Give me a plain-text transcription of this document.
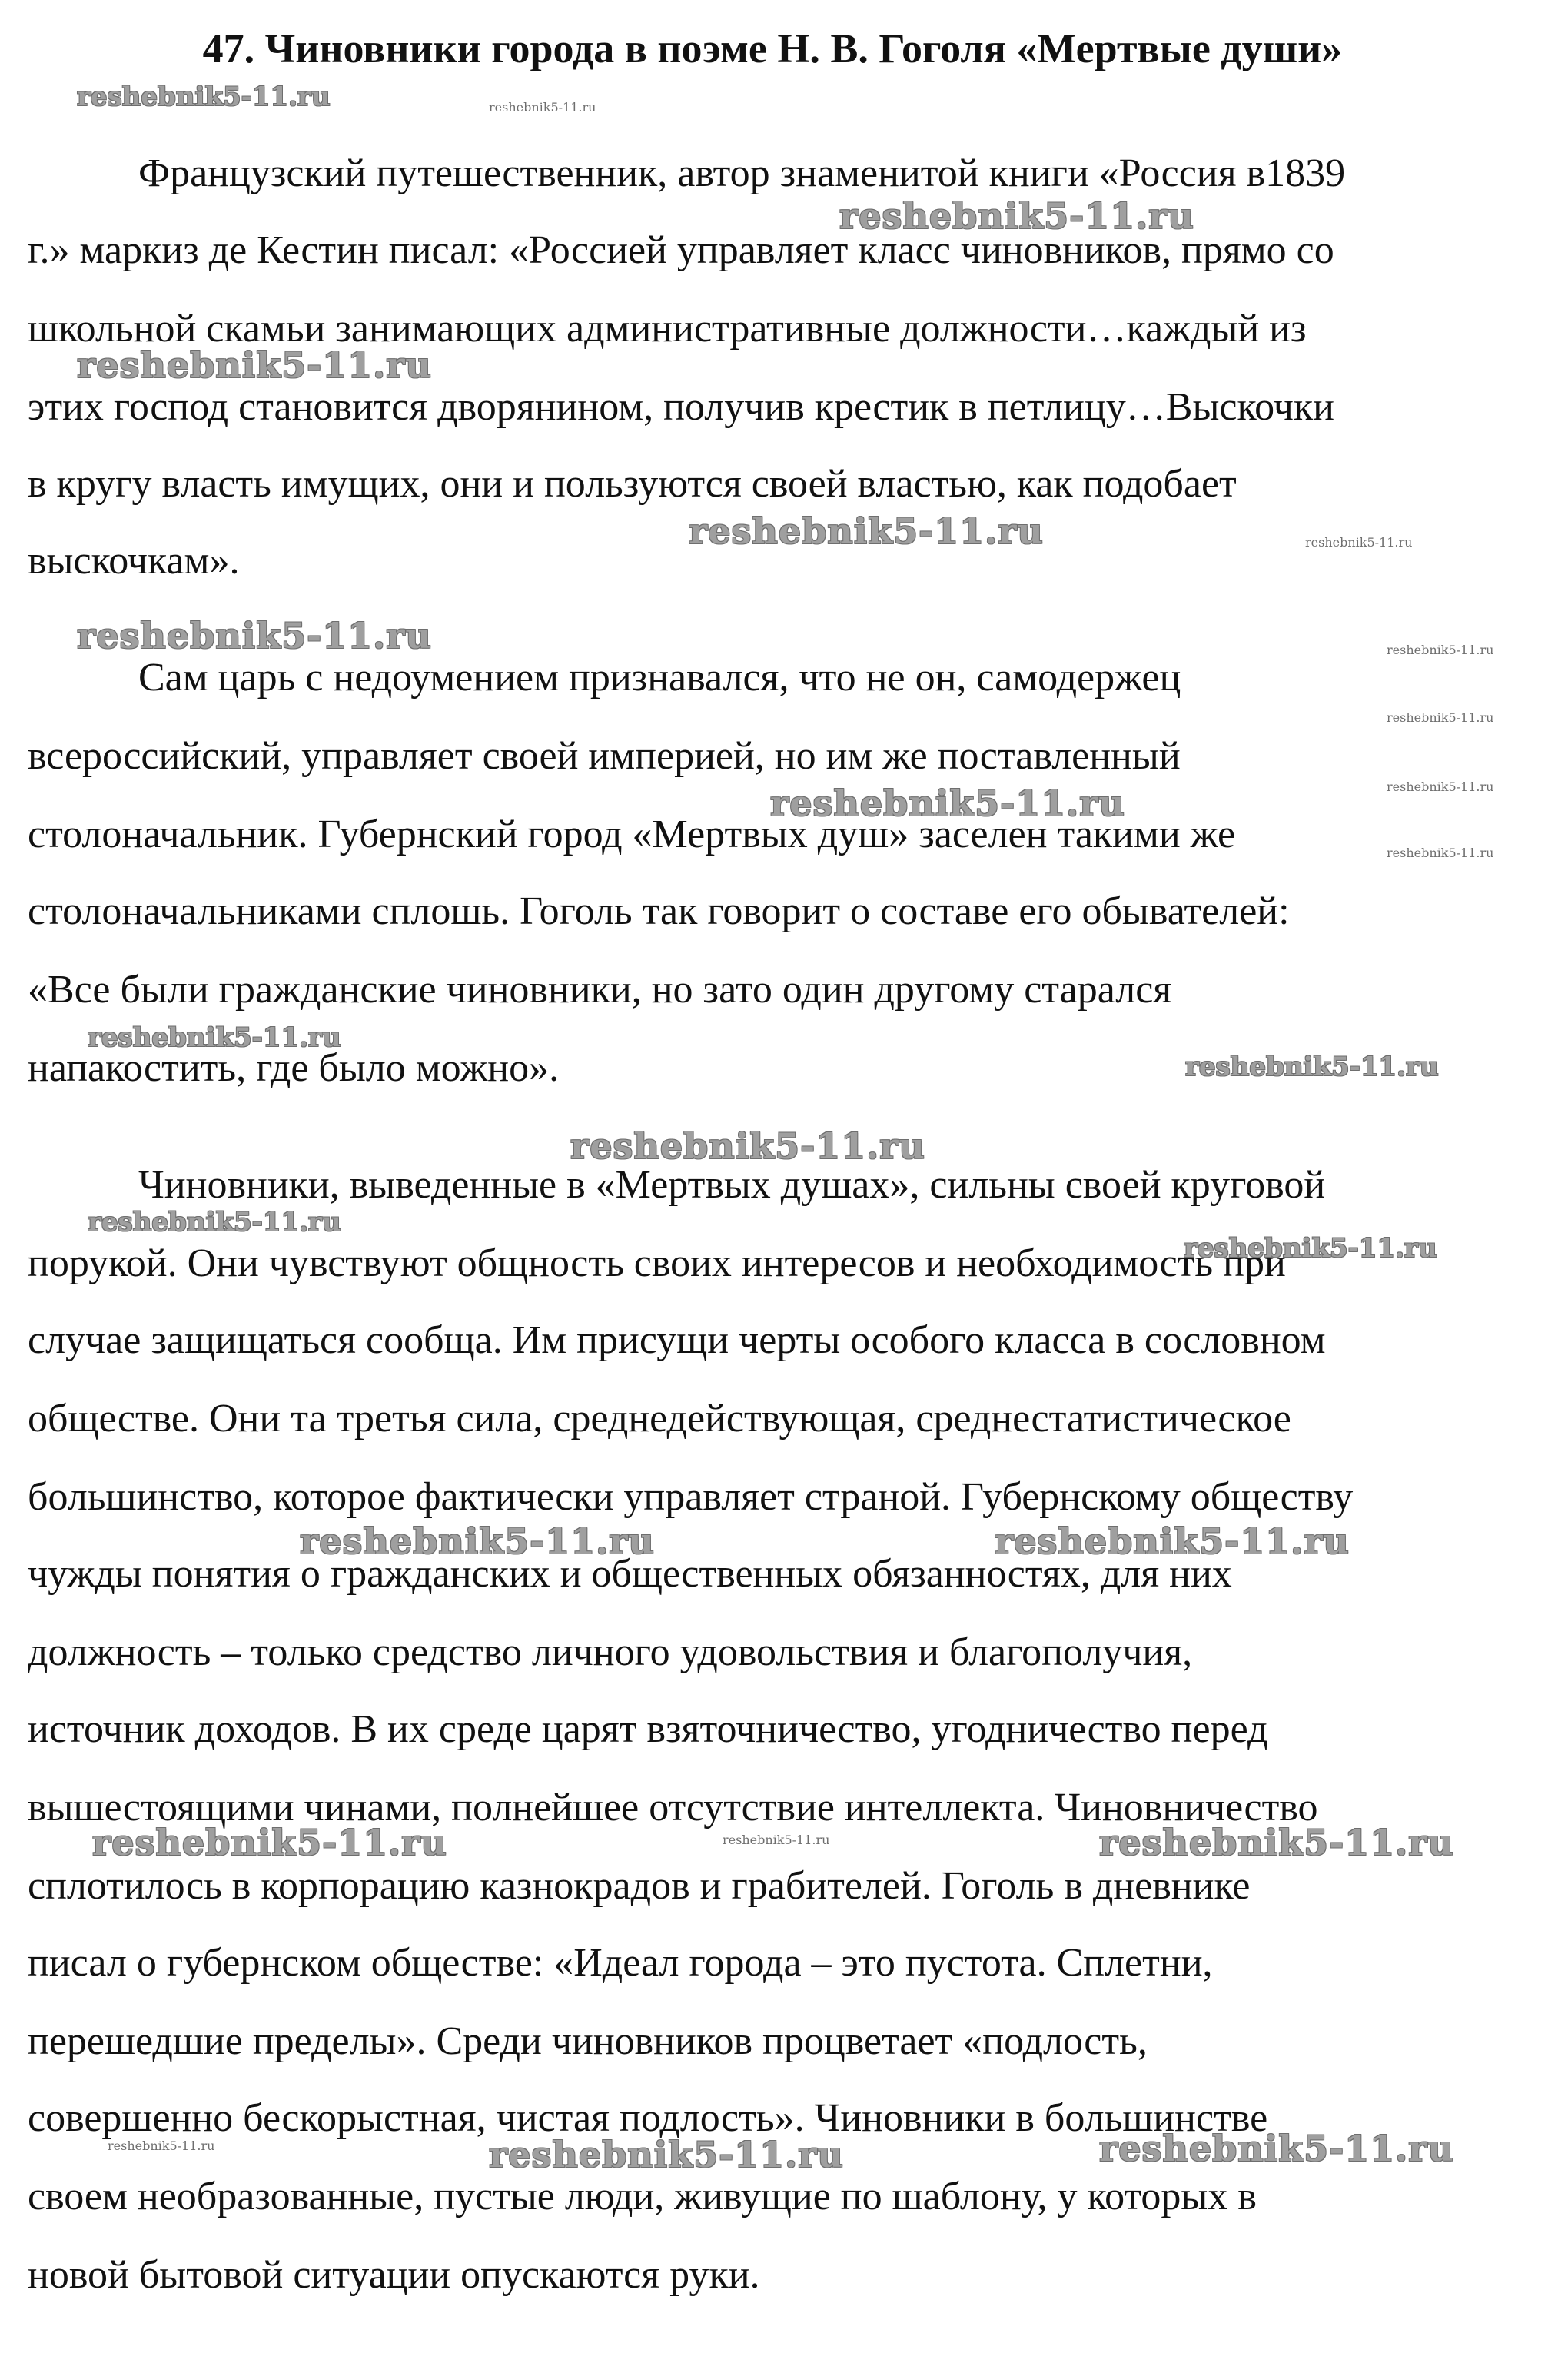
47. Чиновники города в поэме Н. В. Гоголя «Мертвые души»
Французский путешественник, автор знаменитой книги «Россия в1839
г.» маркиз де Кестин писал: «Россией управляет класс чиновников, прямо со
школьной скамьи занимающих административные должности…каждый из
этих господ становится дворянином, получив крестик в петлицу…Выскочки
в кругу власть имущих, они и пользуются своей властью, как подобает
выскочкам».
Сам царь с недоумением признавался, что не он, самодержец
всероссийский, управляет своей империей, но им же поставленный
столоначальник. Губернский город «Мертвых душ» заселен такими же
столоначальниками сплошь. Гоголь так говорит о составе его обывателей:
«Все были гражданские чиновники, но зато один другому старался
напакостить, где было можно».
Чиновники, выведенные в «Мертвых душах», сильны своей круговой
порукой. Они чувствуют общность своих интересов и необходимость при
случае защищаться сообща. Им присущи черты особого класса в сословном
обществе. Они та третья сила, среднедействующая, среднестатистическое
большинство, которое фактически управляет страной. Губернскому обществу
чужды понятия о гражданских и общественных обязанностях, для них
должность – только средство личного удовольствия и благополучия,
источник доходов. В их среде царят взяточничество, угодничество перед
вышестоящими чинами, полнейшее отсутствие интеллекта. Чиновничество
сплотилось в корпорацию казнокрадов и грабителей. Гоголь в дневнике
писал о губернском обществе: «Идеал города – это пустота. Сплетни,
перешедшие пределы». Среди чиновников процветает «подлость,
совершенно бескорыстная, чистая подлость». Чиновники в большинстве
своем необразованные, пустые люди, живущие по шаблону, у которых в
новой бытовой ситуации опускаются руки.
reshebnik5-11.ru	reshebnik5-11.ru
reshebnik5-11.ru
reshebnik5-11.ru
reshebnik5-11.ru	reshebnik5-11.ru
reshebnik5-11.ru	reshebnik5-11.ru
reshebnik5-11.ru
reshebnik5-11.ru	reshebnik5-11.ru
reshebnik5-11.ru
reshebnik5-11.ru
reshebnik5-11.ru
reshebnik5-11.ru
reshebnik5-11.ru
reshebnik5-11.ru
reshebnik5-11.ru	reshebnik5-11.ru
reshebnik5-11.ru	reshebnik5-11.ru	reshebnik5-11.ru
reshebnik5-11.ru	reshebnik5-11.ru	reshebnik5-11.ru
